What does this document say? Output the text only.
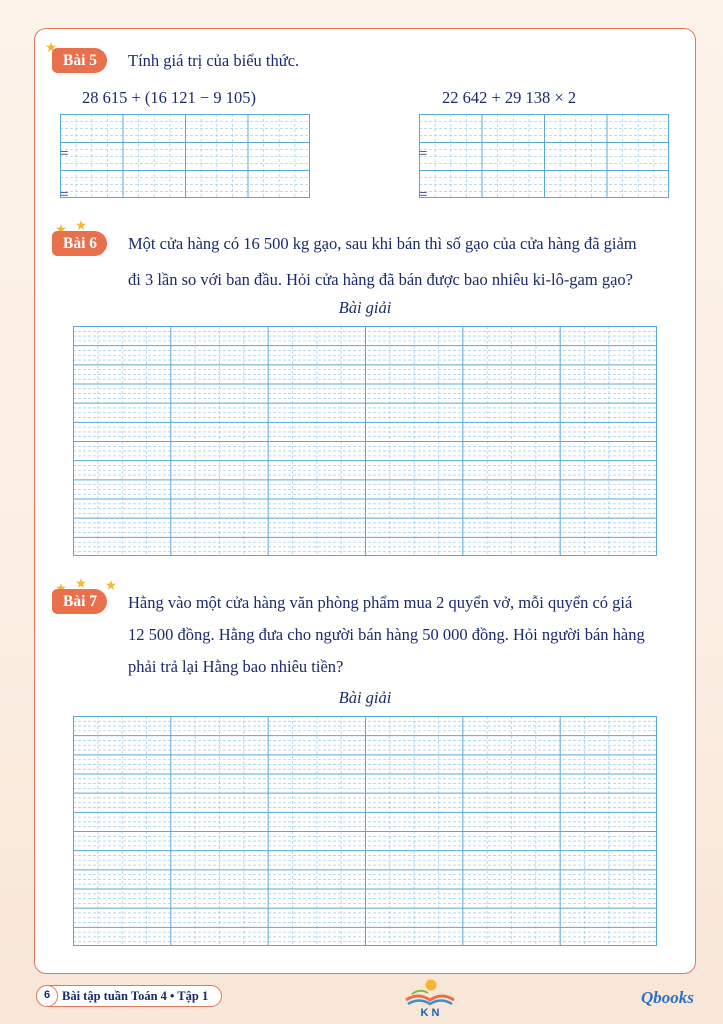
Bài 5	Tính giá trị của biểu thức.
28 615 + (16 121 − 9 105)	22 642 + 29 138 × 2
=
=
=
=
Bài 6	Một cửa hàng có 16 500 kg gạo, sau khi bán thì số gạo của cửa hàng đã giảm
đi 3 lần so với ban đầu. Hỏi cửa hàng đã bán được bao nhiêu ki-lô-gam gạo?
Bài giải
Bài 7	Hằng vào một cửa hàng văn phòng phẩm mua 2 quyển vở, mỗi quyển có giá
12 500 đồng. Hằng đưa cho người bán hàng 50 000 đồng. Hỏi người bán hàng
phải trả lại Hằng bao nhiêu tiền?
Bài giải
6 Bài tập tuần Toán 4 • Tập 1
K N
Qbooks
